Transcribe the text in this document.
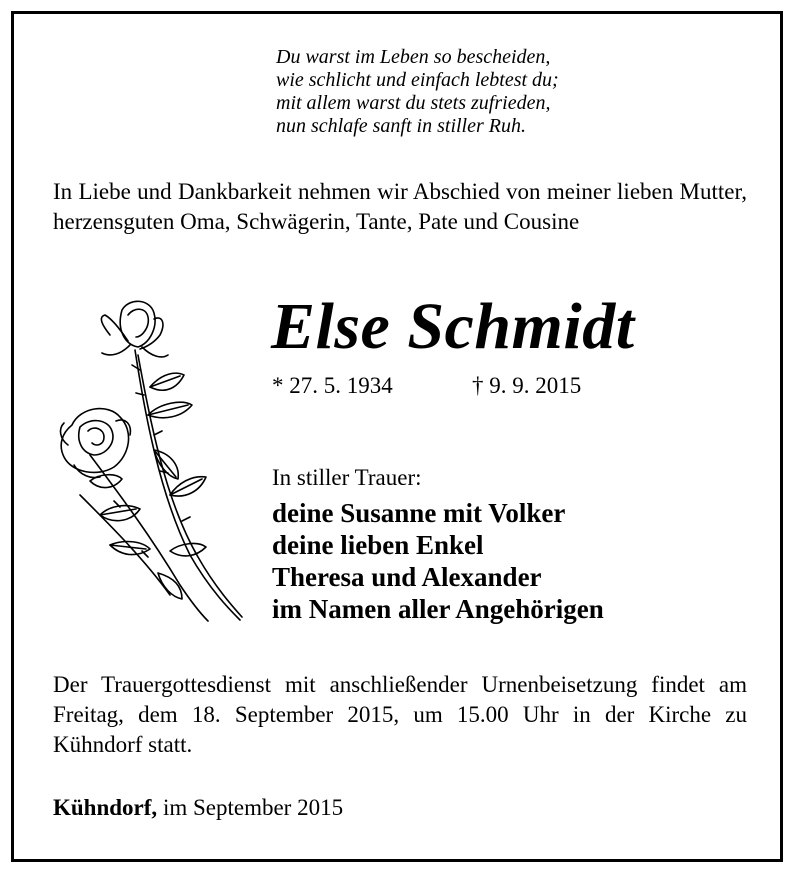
Du warst im Leben so bescheiden,
wie schlicht und einfach lebtest du;
mit allem warst du stets zufrieden,
nun schlafe sanft in stiller Ruh.
In Liebe und Dankbarkeit nehmen wir Abschied von meiner lieben Mutter, herzensguten Oma, Schwägerin, Tante, Pate und Cousine
Else Schmidt
* 27. 5. 1934	† 9. 9. 2015
In stiller Trauer:
deine Susanne mit Volker
deine lieben Enkel
Theresa und Alexander
im Namen aller Angehörigen
Der Trauergottesdienst mit anschließender Urnenbeisetzung findet am Freitag, dem 18. September 2015, um 15.00 Uhr in der Kirche zu Kühndorf statt.
Kühndorf, im September 2015
